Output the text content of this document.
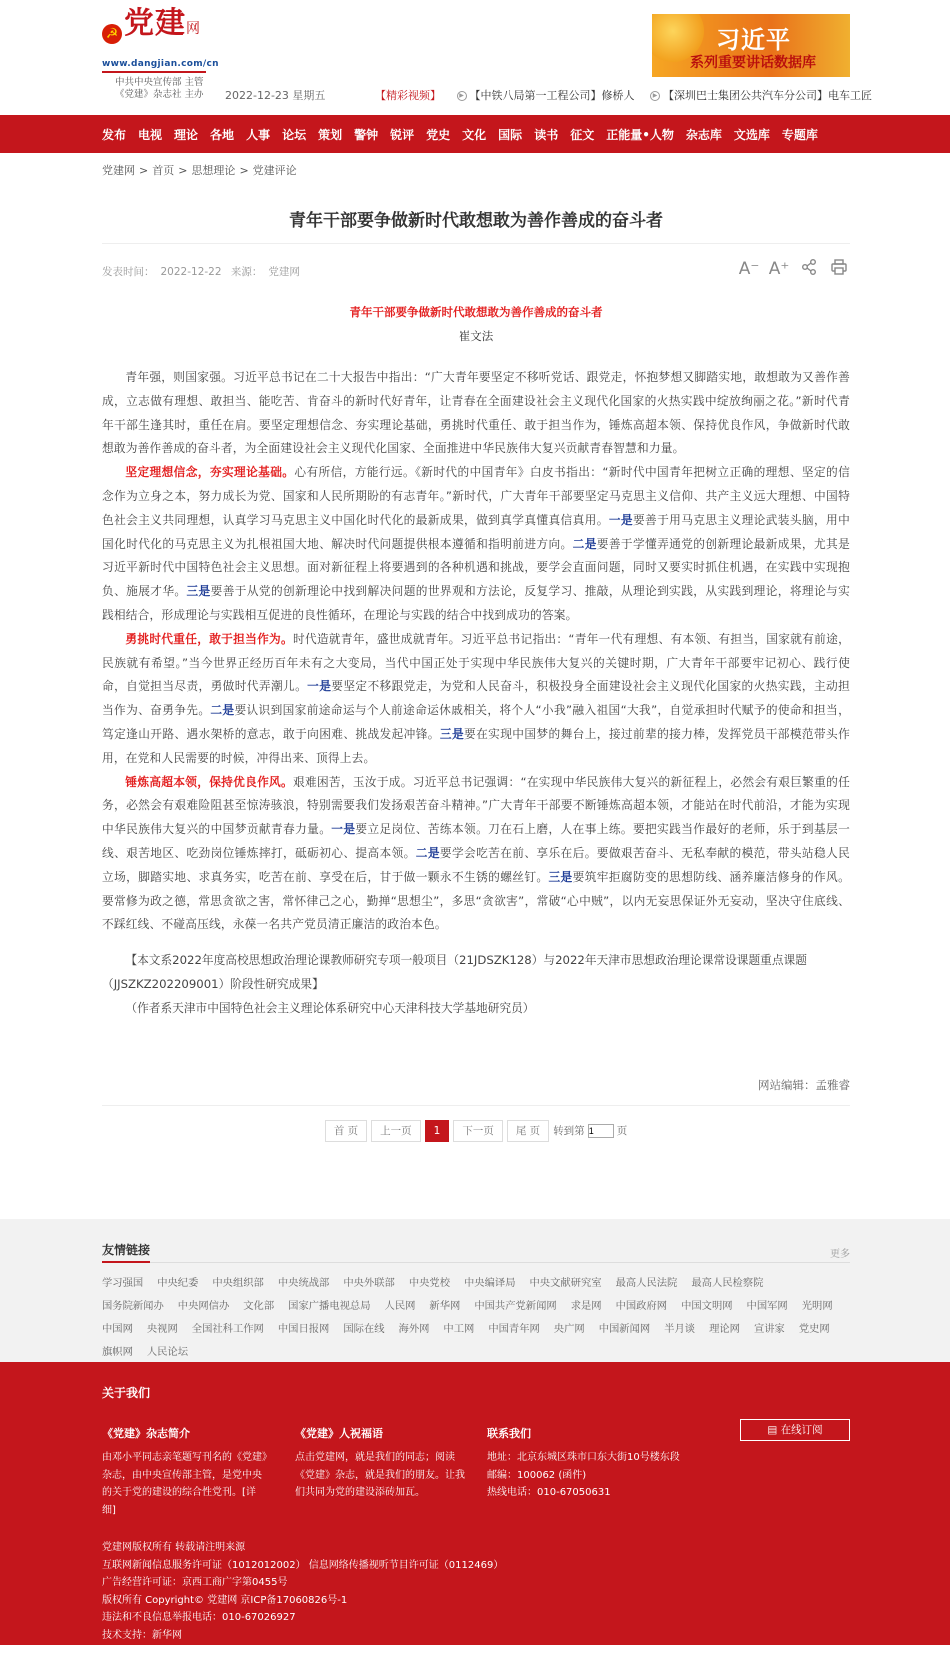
☭ 党建网
www.dangjian.com/cn
中共中央宣传部 主管
《党建》杂志社 主办 2022-12-23 星期五	【精彩视频】	▶ 【中铁八局第一工程公司】修桥人	▶ 【深圳巴士集团公共汽车分公司】电车工匠
习近平
系列重要讲话数据库
发布 电视 理论 各地 人事 论坛 策划 警钟 锐评 党史 文化 国际 读书 征文 正能量•人物 杂志库 文选库 专题库
党建网 > 首页 > 思想理论 > 党建评论
青年干部要争做新时代敢想敢为善作善成的奋斗者
发表时间： 2022-12-22 来源： 党建网	A⁻ A⁺
青年干部要争做新时代敢想敢为善作善成的奋斗者
崔文法

青年强，则国家强。习近平总书记在二十大报告中指出：“广大青年要坚定不移听党话、跟党走，怀抱梦想又脚踏实地，敢想敢为又善作善成，立志做有理想、敢担当、能吃苦、肯奋斗的新时代好青年，让青春在全面建设社会主义现代化国家的火热实践中绽放绚丽之花。”新时代青年干部生逢其时，重任在肩。要坚定理想信念、夯实理论基础，勇挑时代重任、敢于担当作为，锤炼高超本领、保持优良作风，争做新时代敢想敢为善作善成的奋斗者，为全面建设社会主义现代化国家、全面推进中华民族伟大复兴贡献青春智慧和力量。

坚定理想信念，夯实理论基础。心有所信，方能行远。《新时代的中国青年》白皮书指出：“新时代中国青年把树立正确的理想、坚定的信念作为立身之本，努力成长为党、国家和人民所期盼的有志青年。”新时代，广大青年干部要坚定马克思主义信仰、共产主义远大理想、中国特色社会主义共同理想，认真学习马克思主义中国化时代化的最新成果，做到真学真懂真信真用。一是要善于用马克思主义理论武装头脑，用中国化时代化的马克思主义为扎根祖国大地、解决时代问题提供根本遵循和指明前进方向。二是要善于学懂弄通党的创新理论最新成果，尤其是习近平新时代中国特色社会主义思想。面对新征程上将要遇到的各种机遇和挑战，要学会直面问题，同时又要实时抓住机遇，在实践中实现抱负、施展才华。三是要善于从党的创新理论中找到解决问题的世界观和方法论，反复学习、推敲，从理论到实践，从实践到理论，将理论与实践相结合，形成理论与实践相互促进的良性循环，在理论与实践的结合中找到成功的答案。

勇挑时代重任，敢于担当作为。时代造就青年，盛世成就青年。习近平总书记指出：“青年一代有理想、有本领、有担当，国家就有前途，民族就有希望。”当今世界正经历百年未有之大变局，当代中国正处于实现中华民族伟大复兴的关键时期，广大青年干部要牢记初心、践行使命，自觉担当尽责，勇做时代弄潮儿。一是要坚定不移跟党走，为党和人民奋斗，积极投身全面建设社会主义现代化国家的火热实践，主动担当作为、奋勇争先。二是要认识到国家前途命运与个人前途命运休戚相关，将个人“小我”融入祖国“大我”，自觉承担时代赋予的使命和担当，笃定逢山开路、遇水架桥的意志，敢于向困难、挑战发起冲锋。三是要在实现中国梦的舞台上，接过前辈的接力棒，发挥党员干部模范带头作用，在党和人民需要的时候，冲得出来、顶得上去。

锤炼高超本领，保持优良作风。艰难困苦，玉汝于成。习近平总书记强调：“在实现中华民族伟大复兴的新征程上，必然会有艰巨繁重的任务，必然会有艰难险阻甚至惊涛骇浪，特别需要我们发扬艰苦奋斗精神。”广大青年干部要不断锤炼高超本领，才能站在时代前沿，才能为实现中华民族伟大复兴的中国梦贡献青春力量。一是要立足岗位、苦练本领。刀在石上磨，人在事上练。要把实践当作最好的老师，乐于到基层一线、艰苦地区、吃劲岗位锤炼摔打，砥砺初心、提高本领。二是要学会吃苦在前、享乐在后。要做艰苦奋斗、无私奉献的模范，带头站稳人民立场，脚踏实地、求真务实，吃苦在前、享受在后，甘于做一颗永不生锈的螺丝钉。三是要筑牢拒腐防变的思想防线、涵养廉洁修身的作风。要常修为政之德，常思贪欲之害，常怀律己之心，勤掸“思想尘”，多思“贪欲害”，常破“心中贼”，以内无妄思保证外无妄动，坚决守住底线、不踩红线、不碰高压线，永葆一名共产党员清正廉洁的政治本色。

【本文系2022年度高校思想政治理论课教师研究专项一般项目（21JDSZK128）与2022年天津市思想政治理论课常设课题重点课题（JJSZKZ202209001）阶段性研究成果】

（作者系天津市中国特色社会主义理论体系研究中心天津科技大学基地研究员）

网站编辑：孟雅睿
首 页	上一页	1	下一页	尾 页	转到第
1	页
友情链接	更多
学习强国 中央纪委 中央组织部 中央统战部 中央外联部 中央党校 中央编译局 中央文献研究室 最高人民法院 最高人民检察院国务院新闻办 中央网信办 文化部 国家广播电视总局 人民网 新华网 中国共产党新闻网 求是网 中国政府网 中国文明网 中国军网 光明网中国网 央视网 全国社科工作网 中国日报网 国际在线 海外网 中工网 中国青年网 央广网 中国新闻网 半月谈 理论网 宣讲家 党史网旗帜网 人民论坛
关于我们
《党建》杂志简介
由邓小平同志亲笔题写刊名的《党建》杂志，由中央宣传部主管，是党中央的关于党的建设的综合性党刊。[详细]
《党建》人祝福语
点击党建网，就是我们的同志；阅读《党建》杂志，就是我们的朋友。让我们共同为党的建设添砖加瓦。
联系我们
地址：北京东城区珠市口东大街10号楼东段
邮编：100062 (函件)
热线电话：010-67050631
▤ 在线订阅
党建网版权所有 转载请注明来源
互联网新闻信息服务许可证（1012012002） 信息网络传播视听节目许可证（0112469）
广告经营许可证：京西工商广字第0455号
版权所有 Copyright© 党建网 京ICP备17060826号-1
违法和不良信息举报电话：010-67026927
技术支持：新华网
